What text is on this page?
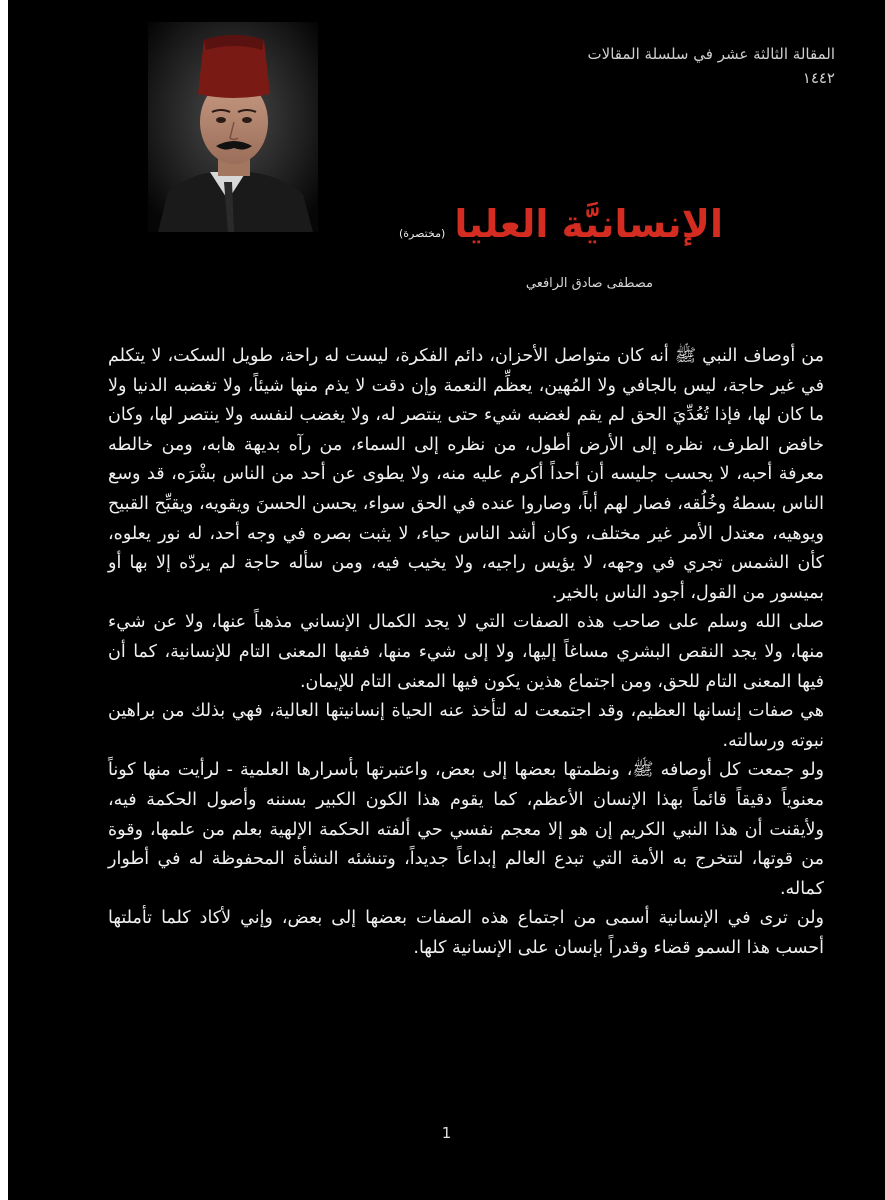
المقالة الثالثة عشر في سلسلة المقالات
١٤٤٢
الإنسانيَّة العليا (مختصرة)
مصطفى صادق الرافعي

من أوصاف النبي ﷺ أنه كان متواصل الأحزان، دائم الفكرة، ليست له راحة، طويل السكت، لا يتكلم في غير حاجة، ليس بالجافي ولا المُهين، يعظِّم النعمة وإن دقت لا يذم منها شيئاً، ولا تغضبه الدنيا ولا ما كان لها، فإذا تُعُدِّيَ الحق لم يقم لغضبه شيء حتى ينتصر له، ولا يغضب لنفسه ولا ينتصر لها، وكان خافض الطرف، نظره إلى الأرض أطول، من نظره إلى السماء، من رآه بديهة هابه، ومن خالطه معرفة أحبه، لا يحسب جليسه أن أحداً أكرم عليه منه، ولا يطوى عن أحد من الناس بشْرَه، قد وسع الناس بسطهُ وخُلُقه، فصار لهم أباً، وصاروا عنده في الحق سواء، يحسن الحسنَ ويقويه، ويقبِّح القبيح ويوهيه، معتدل الأمر غير مختلف، وكان أشد الناس حياء، لا يثبت بصره في وجه أحد، له نور يعلوه، كأن الشمس تجري في وجهه، لا يؤيس راجيه، ولا يخيب فيه، ومن سأله حاجة لم يردّه إلا بها أو بميسور من القول، أجود الناس بالخير.

صلى الله وسلم على صاحب هذه الصفات التي لا يجد الكمال الإنساني مذهباً عنها، ولا عن شيء منها، ولا يجد النقص البشري مساغاً إليها، ولا إلى شيء منها، ففيها المعنى التام للإنسانية، كما أن فيها المعنى التام للحق، ومن اجتماع هذين يكون فيها المعنى التام للإيمان.

هي صفات إنسانها العظيم، وقد اجتمعت له لتأخذ عنه الحياة إنسانيتها العالية، فهي بذلك من براهين نبوته ورسالته.

ولو جمعت كل أوصافه ﷺ، ونظمتها بعضها إلى بعض، واعتبرتها بأسرارها العلمية - لرأيت منها كوناً معنوياً دقيقاً قائماً بهذا الإنسان الأعظم، كما يقوم هذا الكون الكبير بسننه وأصول الحكمة فيه، ولأيقنت أن هذا النبي الكريم إن هو إلا معجم نفسي حي ألفته الحكمة الإلهية بعلم من علمها، وقوة من قوتها، لتتخرج به الأمة التي تبدع العالم إبداعاً جديداً، وتنشئه النشأة المحفوظة له في أطوار كماله.

ولن ترى في الإنسانية أسمى من اجتماع هذه الصفات بعضها إلى بعض، وإني لأكاد كلما تأملتها أحسب هذا السمو قضاء وقدراً بإنسان على الإنسانية كلها.

1
